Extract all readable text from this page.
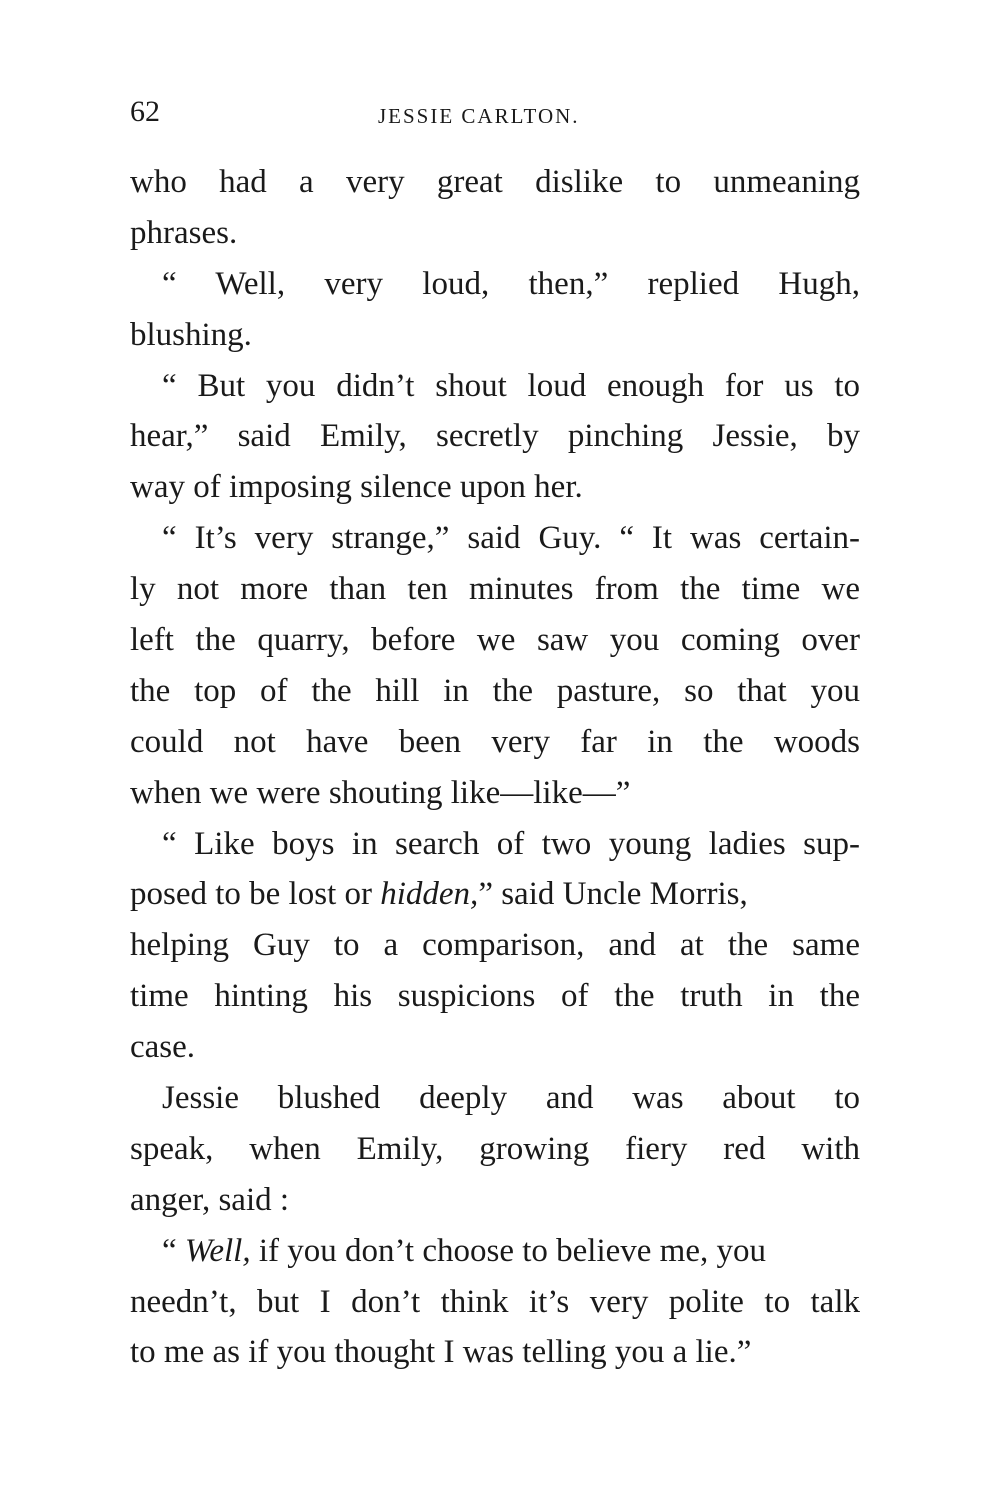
62	JESSIE CARLTON.
who had a very great dislike to unmeaning
phrases.
“ Well, very loud, then,” replied Hugh,
blushing.
“ But you didn’t shout loud enough for us to
hear,” said Emily, secretly pinching Jessie, by
way of imposing silence upon her.
“ It’s very strange,” said Guy. “ It was certain-
ly not more than ten minutes from the time we
left the quarry, before we saw you coming over
the top of the hill in the pasture, so that you
could not have been very far in the woods
when we were shouting like—like—”
“ Like boys in search of two young ladies sup-
posed to be lost or hidden,” said Uncle Morris,
helping Guy to a comparison, and at the same
time hinting his suspicions of the truth in the
case.
Jessie blushed deeply and was about to
speak, when Emily, growing fiery red with
anger, said :
“ Well, if you don’t choose to believe me, you
needn’t, but I don’t think it’s very polite to talk
to me as if you thought I was telling you a lie.”
